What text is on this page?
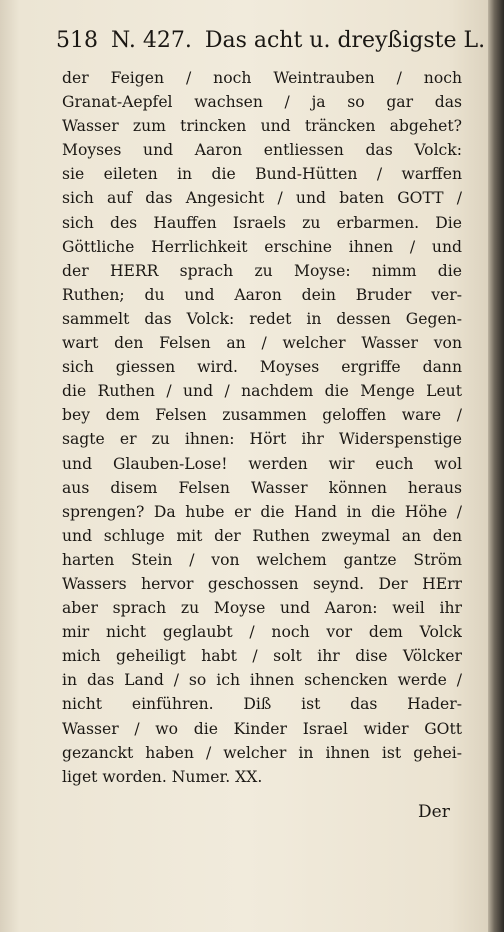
518 N. 427. Das acht u. dreyßigste L.
der Feigen / noch Weintrauben / noch
Granat-Aepfel wachsen / ja so gar das
Wasser zum trincken und träncken abgehet?
Moyses und Aaron entliessen das Volck:
sie eileten in die Bund-Hütten / warffen
sich auf das Angesicht / und baten GOTT /
sich des Hauffen Israels zu erbarmen. Die
Göttliche Herrlichkeit erschine ihnen / und
der HERR sprach zu Moyse: nimm die
Ruthen; du und Aaron dein Bruder ver-
sammelt das Volck: redet in dessen Gegen-
wart den Felsen an / welcher Wasser von
sich giessen wird. Moyses ergriffe dann
die Ruthen / und / nachdem die Menge Leut
bey dem Felsen zusammen geloffen ware /
sagte er zu ihnen: Hört ihr Widerspenstige
und Glauben-Lose! werden wir euch wol
aus disem Felsen Wasser können heraus
sprengen? Da hube er die Hand in die Höhe /
und schluge mit der Ruthen zweymal an den
harten Stein / von welchem gantze Ström
Wassers hervor geschossen seynd. Der HErr
aber sprach zu Moyse und Aaron: weil ihr
mir nicht geglaubt / noch vor dem Volck
mich geheiligt habt / solt ihr dise Völcker
in das Land / so ich ihnen schencken werde /
nicht einführen. Diß ist das Hader-
Wasser / wo die Kinder Israel wider GOtt
gezanckt haben / welcher in ihnen ist gehei-
liget worden. Numer. XX.
Der
